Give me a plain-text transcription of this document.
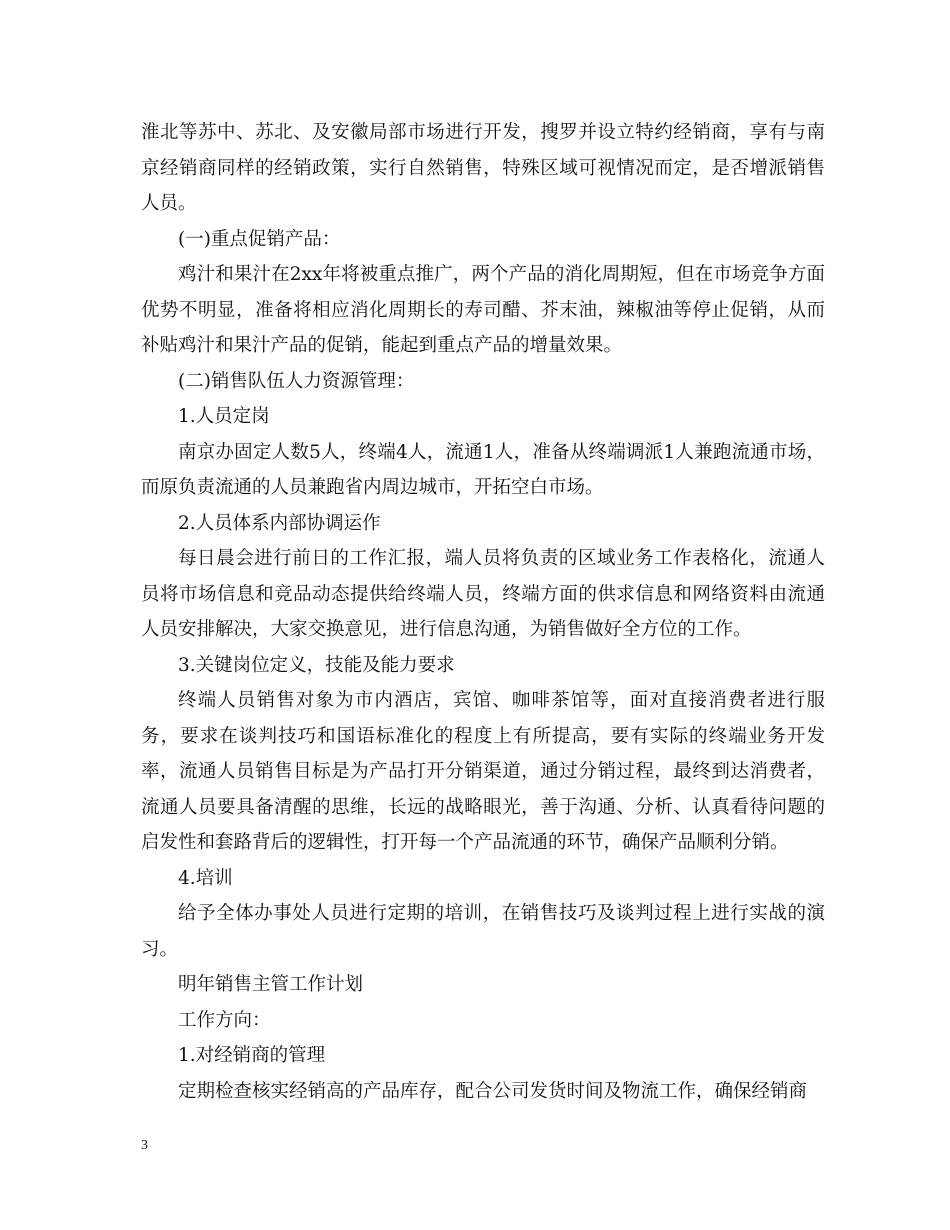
淮北等苏中、苏北、及安徽局部市场进行开发，搜罗并设立特约经销商，享有与南京经销商同样的经销政策，实行自然销售，特殊区域可视情况而定，是否增派销售人员。

(一)重点促销产品：

鸡汁和果汁在2xx年将被重点推广，两个产品的消化周期短，但在市场竞争方面优势不明显，准备将相应消化周期长的寿司醋、芥末油，辣椒油等停止促销，从而补贴鸡汁和果汁产品的促销，能起到重点产品的增量效果。

(二)销售队伍人力资源管理：

1.人员定岗

南京办固定人数5人，终端4人，流通1人，准备从终端调派1人兼跑流通市场，而原负责流通的人员兼跑省内周边城市，开拓空白市场。

2.人员体系内部协调运作

每日晨会进行前日的工作汇报，端人员将负责的区域业务工作表格化，流通人员将市场信息和竞品动态提供给终端人员，终端方面的供求信息和网络资料由流通人员安排解决，大家交换意见，进行信息沟通，为销售做好全方位的工作。

3.关键岗位定义，技能及能力要求

终端人员销售对象为市内酒店，宾馆、咖啡茶馆等，面对直接消费者进行服务，要求在谈判技巧和国语标准化的程度上有所提高，要有实际的终端业务开发率，流通人员销售目标是为产品打开分销渠道，通过分销过程，最终到达消费者，流通人员要具备清醒的思维，长远的战略眼光，善于沟通、分析、认真看待问题的启发性和套路背后的逻辑性，打开每一个产品流通的环节，确保产品顺利分销。

4.培训

给予全体办事处人员进行定期的培训，在销售技巧及谈判过程上进行实战的演习。

明年销售主管工作计划

工作方向：

1.对经销商的管理

定期检查核实经销高的产品库存，配合公司发货时间及物流工作，确保经销商

3
